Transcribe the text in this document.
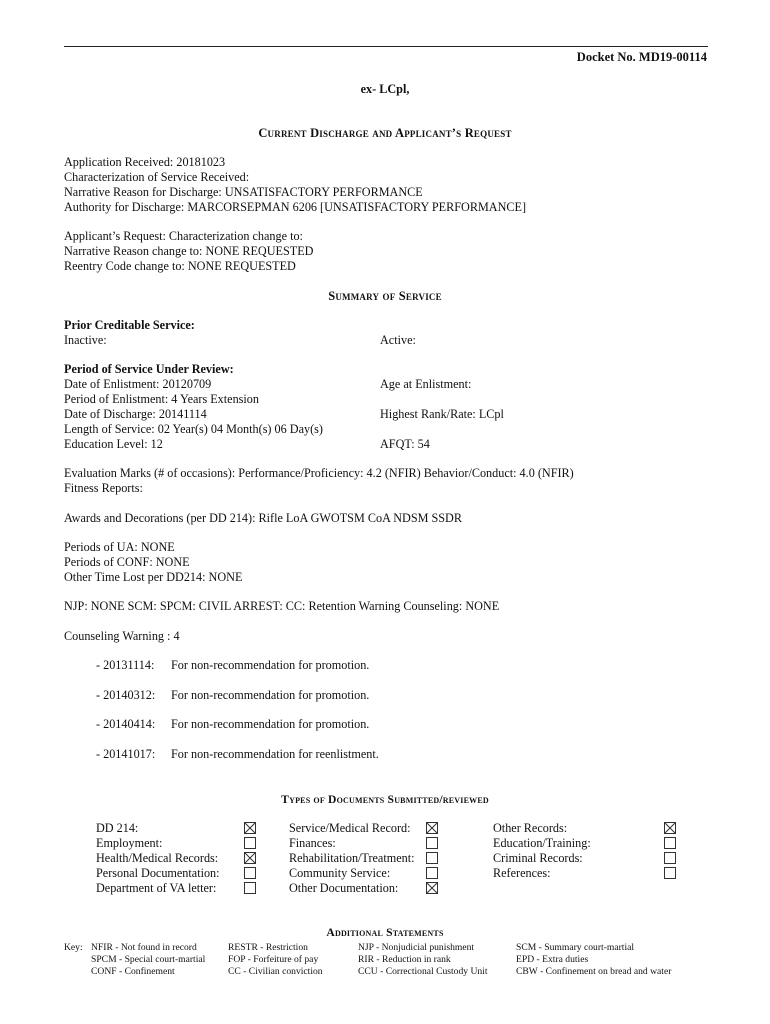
Docket No. MD19-00114
ex- LCpl,
Current Discharge and Applicant’s Request
Application Received: 20181023
Characterization of Service Received:
Narrative Reason for Discharge: UNSATISFACTORY PERFORMANCE
Authority for Discharge: MARCORSEPMAN 6206 [UNSATISFACTORY PERFORMANCE]
Applicant’s Request: Characterization change to:
Narrative Reason change to: NONE REQUESTED
Reentry Code change to: NONE REQUESTED
Summary of Service
Prior Creditable Service:
Inactive:	Active:
Period of Service Under Review:
Date of Enlistment: 20120709
Period of Enlistment: 4 Years Extension
Date of Discharge: 20141114
Length of Service: 02 Year(s) 04 Month(s) 06 Day(s)
Education Level: 12
Age at Enlistment:
Highest Rank/Rate: LCpl
AFQT: 54
Evaluation Marks (# of occasions): Performance/Proficiency: 4.2 (NFIR) Behavior/Conduct: 4.0 (NFIR)
Fitness Reports:
Awards and Decorations (per DD 214): Rifle LoA GWOTSM CoA NDSM SSDR
Periods of UA: NONE
Periods of CONF: NONE
Other Time Lost per DD214: NONE
NJP: NONE SCM: SPCM: CIVIL ARREST: CC: Retention Warning Counseling: NONE
Counseling Warning : 4
- 20131114: For non-recommendation for promotion.
- 20140312: For non-recommendation for promotion.
- 20140414: For non-recommendation for promotion.
- 20141017: For non-recommendation for reenlistment.
Types of Documents Submitted/reviewed
DD 214:
Employment:
Health/Medical Records:
Personal Documentation:
Department of VA letter:
Service/Medical Record:
Finances:
Rehabilitation/Treatment:
Community Service:
Other Documentation:
Other Records:
Education/Training:
Criminal Records:
References:
Additional Statements
Key: NFIR - Not found in record
SPCM - Special court-martial
CONF - Confinement
RESTR - Restriction
FOP - Forfeiture of pay
CC - Civilian conviction
NJP - Nonjudicial punishment
RIR - Reduction in rank
CCU - Correctional Custody Unit
SCM - Summary court-martial
EPD - Extra duties
CBW - Confinement on bread and water
